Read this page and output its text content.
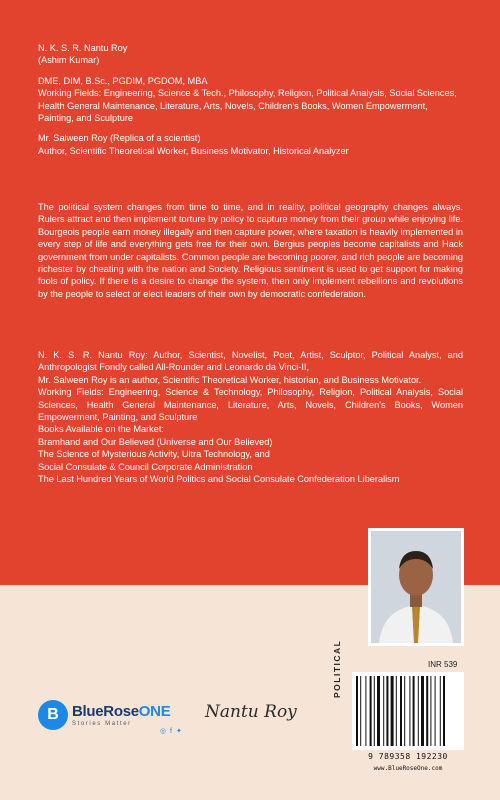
N. K. S. R. Nantu Roy

(Ashim Kumar)

DME, DIM, B.Sc., PGDIM, PGDOM, MBA

Working Fields: Engineering, Science & Tech., Philosophy, Religion, Political Analysis, Social Sciences, Health General Maintenance, Literature, Arts, Novels, Children's Books, Women Empowerment, Painting, and Sculpture

Mr. Salween Roy (Replica of a scientist)

Author, Scientific Theoretical Worker, Business Motivator, Historical Analyzer

The political system changes from time to time, and in reality, political geography changes always. Rulers attract and then implement torture by policy to capture money from their group while enjoying life. Bourgeois people earn money illegally and then capture power, where taxation is heavily implemented in every step of life and everything gets free for their own. Bergius peoples become capitalists and Hack government from under capitalists. Common people are becoming poorer, and rich people are becoming richester by cheating with the nation and Society. Religious sentiment is used to get support for making fools of policy. If there is a desire to change the system, then only implement rebellions and revolutions by the people to select or elect leaders of their own by democratic confederation.

N. K. S. R. Nantu Roy: Author, Scientist, Novelist, Poet, Artist, Sculptor, Political Analyst, and Anthropologist Fondly called All-Rounder and Leonardo da Vinci-II,

Mr. Salween Roy is an author, Scientific Theoretical Worker, historian, and Business Motivator.

Working Fields: Engineering, Science & Technology, Philosophy, Religion, Political Analysis, Social Sciences, Health General Maintenance, Literature, Arts, Novels, Children's Books, Women Empowerment, Painting, and Sculpture

Books Available on the Market:

Bramhand and Our Believed (Universe and Our Believed)

The Science of Mysterious Activity, Ultra Technology, and

Social Consulate & Council Corporate Administration

The Last Hundred Years of World Politics and Social Consulate Confederation Liberalism

INR 539
POLITICAL
9 789358 192230
www.BlueRoseOne.com
B BlueRoseONE
Stories Matter
◎ f ✦
Nantu Roy
